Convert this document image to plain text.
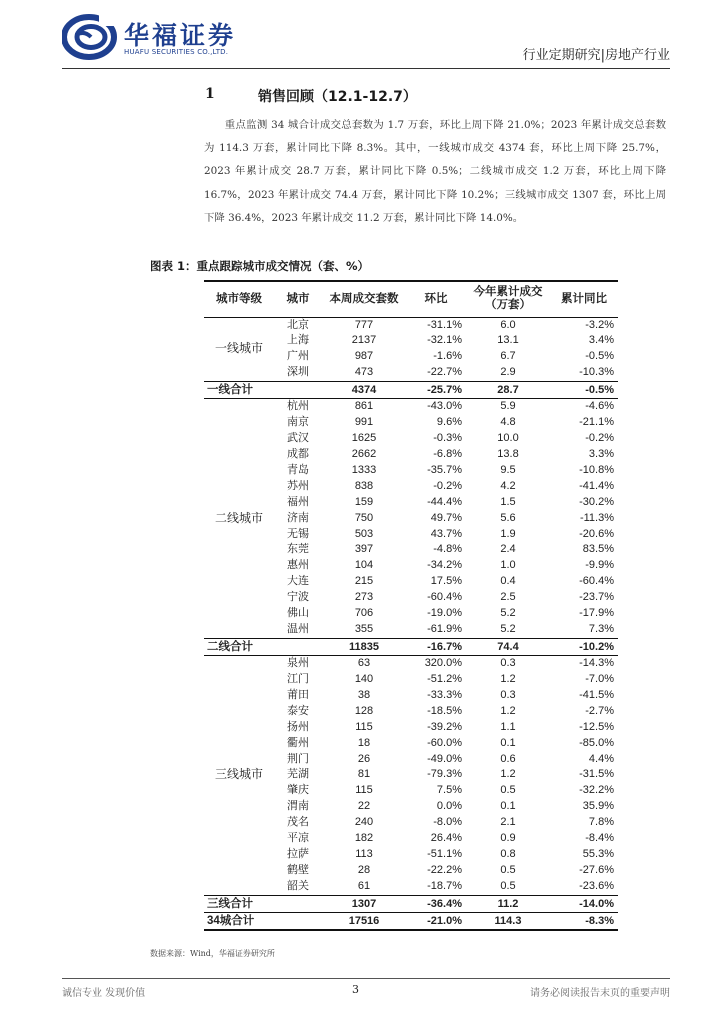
华福证券
HUAFU SECURITIES CO.,LTD.	行业定期研究|房地产行业
1	销售回顾（12.1-12.7）

重点监测 34 城合计成交总套数为 1.7 万套，环比上周下降 21.0%；2023 年累计成交总套数为 114.3 万套，累计同比下降 8.3%。其中，一线城市成交 4374 套，环比上周下降 25.7%，2023 年累计成交 28.7 万套，累计同比下降 0.5%；二线城市成交 1.2 万套，环比上周下降 16.7%，2023 年累计成交 74.4 万套，累计同比下降 10.2%；三线城市成交 1307 套，环比上周下降 36.4%，2023 年累计成交 11.2 万套，累计同比下降 14.0%。

图表 1：重点跟踪城市成交情况（套、%）
城市等级	城市	本周成交套数	环比	今年累计成交（万套）	累计同比
一线城市	北京	777	-31.1%	6.0	-3.2%
	上海	2137	-32.1%	13.1	3.4%
	广州	987	-1.6%	6.7	-0.5%
	深圳	473	-22.7%	2.9	-10.3%
一线合计		4374	-25.7%	28.7	-0.5%
二线城市	杭州	861	-43.0%	5.9	-4.6%
	南京	991	9.6%	4.8	-21.1%
	武汉	1625	-0.3%	10.0	-0.2%
	成都	2662	-6.8%	13.8	3.3%
	青岛	1333	-35.7%	9.5	-10.8%
	苏州	838	-0.2%	4.2	-41.4%
	福州	159	-44.4%	1.5	-30.2%
	济南	750	49.7%	5.6	-11.3%
	无锡	503	43.7%	1.9	-20.6%
	东莞	397	-4.8%	2.4	83.5%
	惠州	104	-34.2%	1.0	-9.9%
	大连	215	17.5%	0.4	-60.4%
	宁波	273	-60.4%	2.5	-23.7%
	佛山	706	-19.0%	5.2	-17.9%
	温州	355	-61.9%	5.2	7.3%
二线合计		11835	-16.7%	74.4	-10.2%
三线城市	泉州	63	320.0%	0.3	-14.3%
	江门	140	-51.2%	1.2	-7.0%
	莆田	38	-33.3%	0.3	-41.5%
	泰安	128	-18.5%	1.2	-2.7%
	扬州	115	-39.2%	1.1	-12.5%
	衢州	18	-60.0%	0.1	-85.0%
	荆门	26	-49.0%	0.6	4.4%
	芜湖	81	-79.3%	1.2	-31.5%
	肇庆	115	7.5%	0.5	-32.2%
	渭南	22	0.0%	0.1	35.9%
	茂名	240	-8.0%	2.1	7.8%
	平凉	182	26.4%	0.9	-8.4%
	拉萨	113	-51.1%	0.8	55.3%
	鹤壁	28	-22.2%	0.5	-27.6%
	韶关	61	-18.7%	0.5	-23.6%
三线合计		1307	-36.4%	11.2	-14.0%
34城合计		17516	-21.0%	114.3	-8.3%
数据来源：Wind，华福证券研究所
诚信专业 发现价值	3	请务必阅读报告末页的重要声明
